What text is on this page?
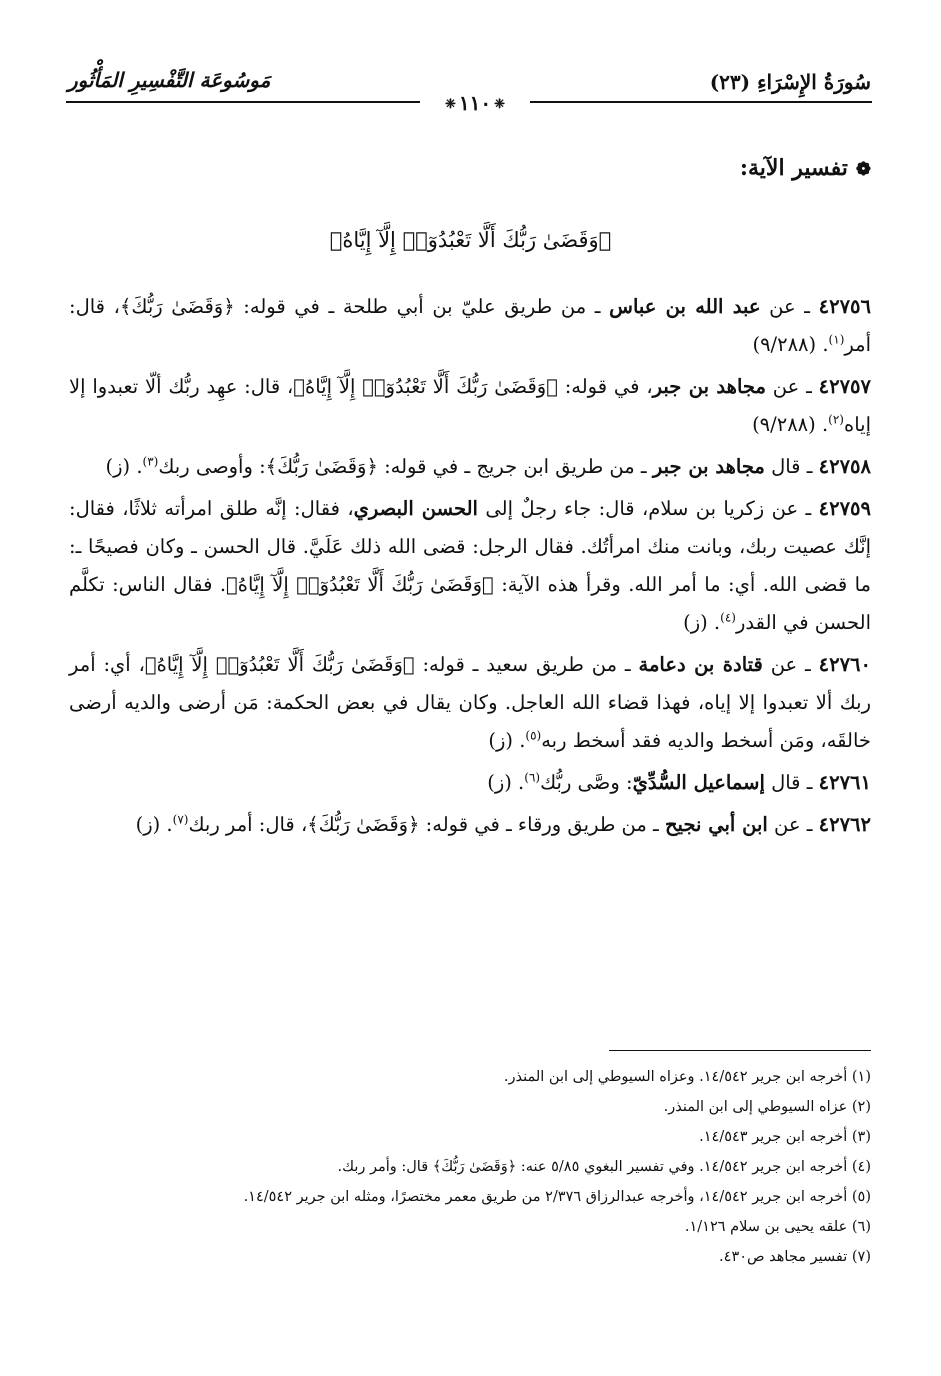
سُورَةُ الإِسْرَاءِ (٢٣)
مَوسُوعَة التَّفْسِيرِ المَأْثُور
❈١١٠❈
❁تفسير الآية:
﴿وَقَضَىٰ رَبُّكَ أَلَّا تَعْبُدُوٓا۟ إِلَّآ إِيَّاهُ﴾
٤٢٧٥٦ ـ عن عبد الله بن عباس ـ من طريق عليّ بن أبي طلحة ـ في قوله: ﴿وَقَضَىٰ رَبُّكَ﴾، قال: أمر$^{(١)}$. (٩/٢٨٨)
٤٢٧٥٧ ـ عن مجاهد بن جبر، في قوله: ﴿وَقَضَىٰ رَبُّكَ أَلَّا تَعْبُدُوٓا۟ إِلَّآ إِيَّاهُ﴾، قال: عهِد ربُّك ألّا تعبدوا إلا إياه$^{(٢)}$. (٩/٢٨٨)
٤٢٧٥٨ ـ قال مجاهد بن جبر ـ من طريق ابن جريج ـ في قوله: ﴿وَقَضَىٰ رَبُّكَ﴾: وأوصى ربك$^{(٣)}$. (ز)
٤٢٧٥٩ ـ عن زكريا بن سلام، قال: جاء رجلٌ إلى الحسن البصري، فقال: إنَّه طلق امرأته ثلاثًا، فقال: إنَّك عصيت ربك، وبانت منك امرأتُك. فقال الرجل: قضى الله ذلك عَلَيَّ. قال الحسن ـ وكان فصيحًا ـ: ما قضى الله. أي: ما أمر الله. وقرأ هذه الآية: ﴿وَقَضَىٰ رَبُّكَ أَلَّا تَعْبُدُوٓا۟ إِلَّآ إِيَّاهُ﴾. فقال الناس: تكلَّم الحسن في القدر$^{(٤)}$. (ز)
٤٢٧٦٠ ـ عن قتادة بن دعامة ـ من طريق سعيد ـ قوله: ﴿وَقَضَىٰ رَبُّكَ أَلَّا تَعْبُدُوٓا۟ إِلَّآ إِيَّاهُ﴾، أي: أمر ربك ألا تعبدوا إلا إياه، فهذا قضاء الله العاجل. وكان يقال في بعض الحكمة: مَن أرضى والديه أرضى خالقَه، ومَن أسخط والديه فقد أسخط ربه$^{(٥)}$. (ز)
٤٢٧٦١ ـ قال إسماعيل السُّدِّيّ: وصَّى ربُّك$^{(٦)}$. (ز)
٤٢٧٦٢ ـ عن ابن أبي نجيح ـ من طريق ورقاء ـ في قوله: ﴿وَقَضَىٰ رَبُّكَ﴾، قال: أمر ربك$^{(٧)}$. (ز)
(١) أخرجه ابن جرير ١٤/٥٤٢. وعزاه السيوطي إلى ابن المنذر.
(٢) عزاه السيوطي إلى ابن المنذر.
(٣) أخرجه ابن جرير ١٤/٥٤٣.
(٤) أخرجه ابن جرير ١٤/٥٤٢. وفي تفسير البغوي ٥/٨٥ عنه: ﴿وَقَضَىٰ رَبُّكَ﴾ قال: وأمر ربك.
(٥) أخرجه ابن جرير ١٤/٥٤٢، وأخرجه عبدالرزاق ٢/٣٧٦ من طريق معمر مختصرًا، ومثله ابن جرير ١٤/٥٤٢.
(٦) علقه يحيى بن سلام ١/١٢٦.
(٧) تفسير مجاهد ص٤٣٠.
